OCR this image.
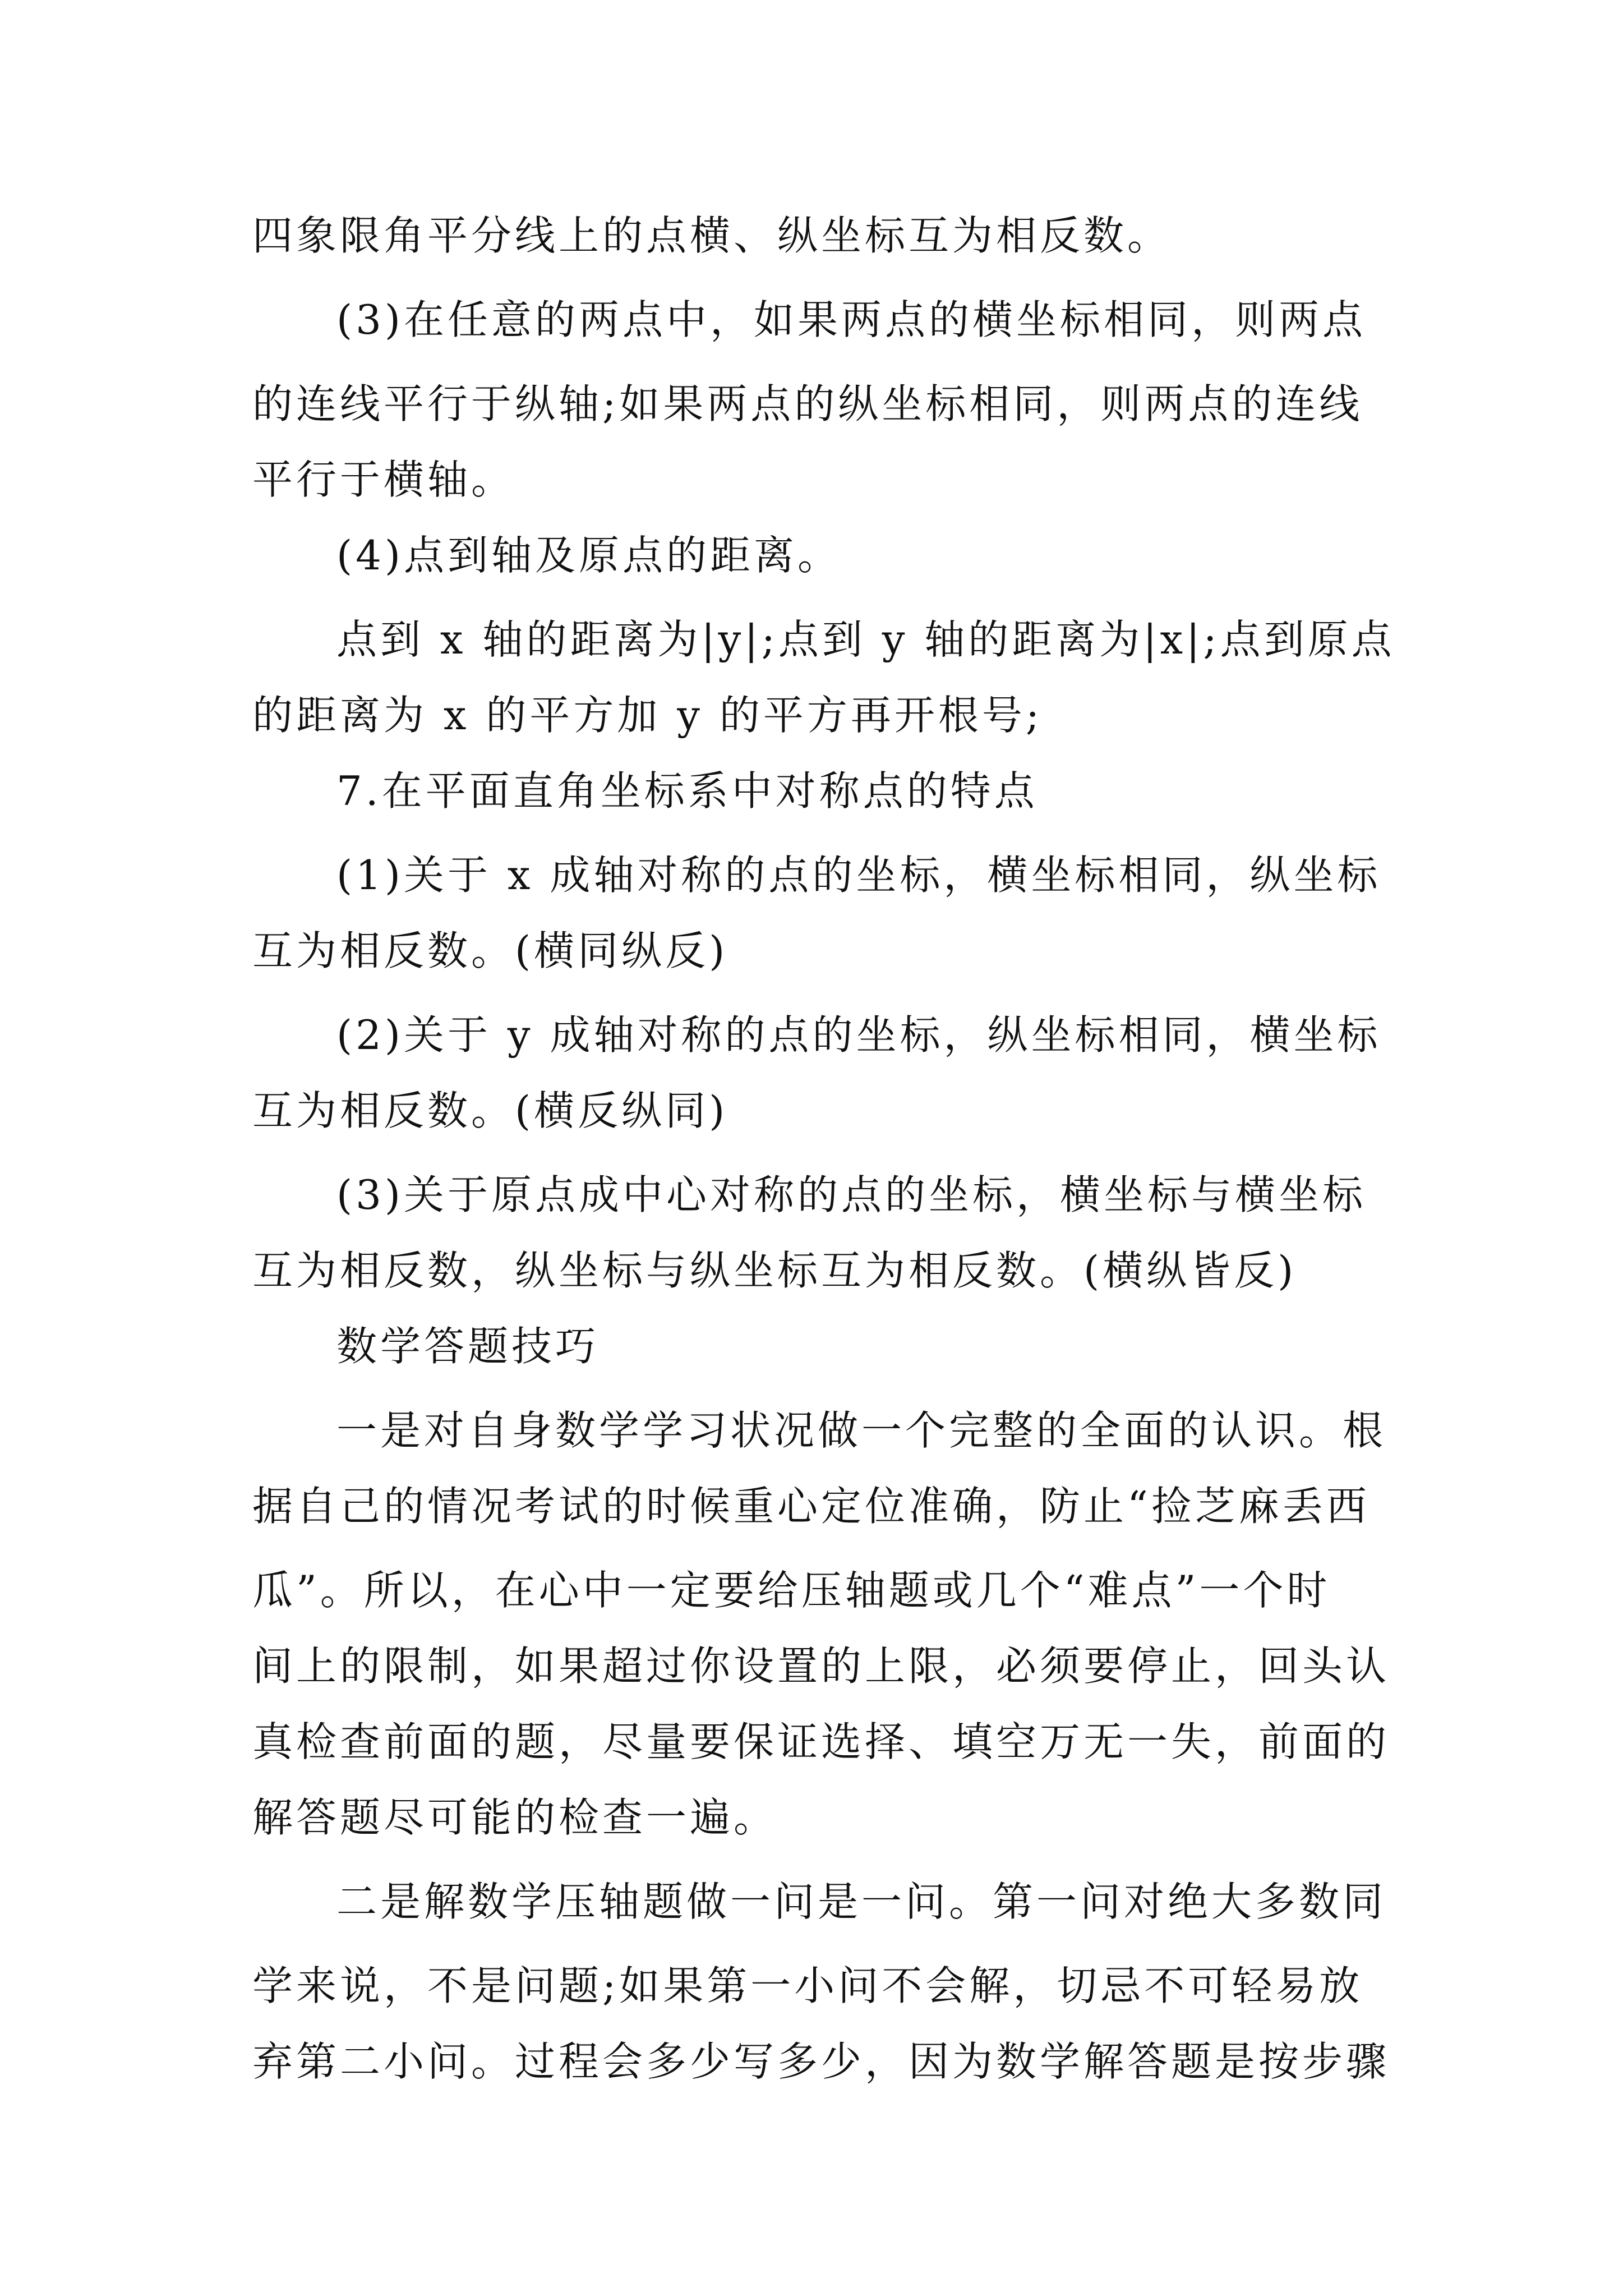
四象限角平分线上的点横、纵坐标互为相反数。
(3)在任意的两点中，如果两点的横坐标相同，则两点
的连线平行于纵轴;如果两点的纵坐标相同，则两点的连线
平行于横轴。
(4)点到轴及原点的距离。
点到 x 轴的距离为|y|;点到 y 轴的距离为|x|;点到原点
的距离为 x 的平方加 y 的平方再开根号;
7.在平面直角坐标系中对称点的特点
(1)关于 x 成轴对称的点的坐标，横坐标相同，纵坐标
互为相反数。(横同纵反)
(2)关于 y 成轴对称的点的坐标，纵坐标相同，横坐标
互为相反数。(横反纵同)
(3)关于原点成中心对称的点的坐标，横坐标与横坐标
互为相反数，纵坐标与纵坐标互为相反数。(横纵皆反)
数学答题技巧
一是对自身数学学习状况做一个完整的全面的认识。根
据自己的情况考试的时候重心定位准确，防止“捡芝麻丢西
瓜”。所以，在心中一定要给压轴题或几个“难点”一个时
间上的限制，如果超过你设置的上限，必须要停止，回头认
真检查前面的题，尽量要保证选择、填空万无一失，前面的
解答题尽可能的检查一遍。
二是解数学压轴题做一问是一问。第一问对绝大多数同
学来说，不是问题;如果第一小问不会解，切忌不可轻易放
弃第二小问。过程会多少写多少，因为数学解答题是按步骤
